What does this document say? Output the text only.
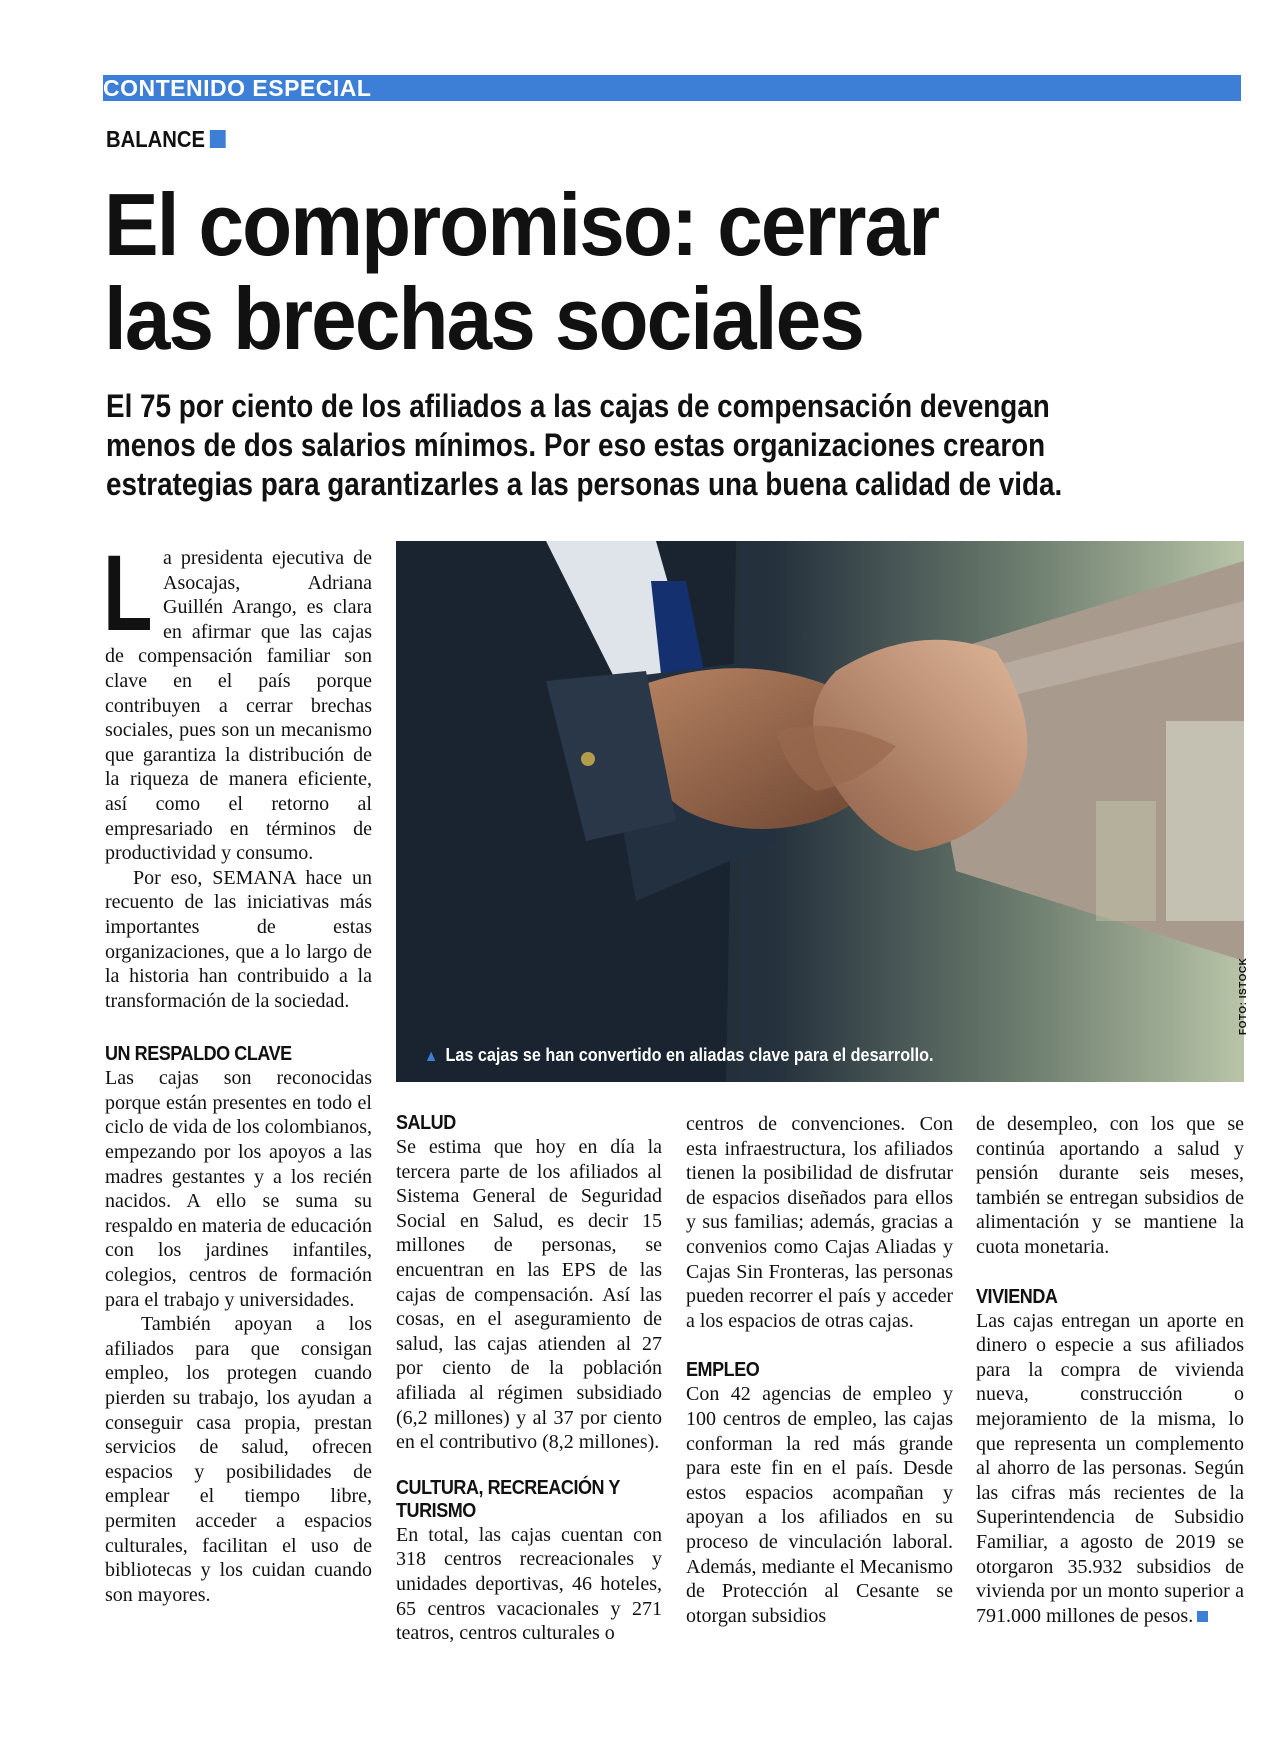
CONTENIDO ESPECIAL
BALANCE
El compromiso: cerrar
las brechas sociales
El 75 por ciento de los afiliados a las cajas de compensación devengan
menos de dos salarios mínimos. Por eso estas organizaciones crearon
estrategias para garantizarles a las personas una buena calidad de vida.

La presidenta ejecutiva de Asocajas, Adriana Guillén Arango, es clara en afirmar que las cajas de compensación familiar son clave en el país porque contribuyen a cerrar brechas sociales, pues son un mecanismo que garantiza la distribución de la riqueza de manera eficiente, así como el retorno al empresariado en términos de productividad y consumo.

Por eso, SEMANA hace un recuento de las iniciativas más importantes de estas organizaciones, que a lo largo de la historia han contribuido a la transformación de la sociedad.

UN RESPALDO CLAVE

Las cajas son reconocidas porque están presentes en todo el ciclo de vida de los colombianos, empezando por los apoyos a las madres gestantes y a los recién nacidos. A ello se suma su respaldo en materia de educación con los jardines infantiles, colegios, centros de formación para el trabajo y universidades.

También apoyan a los afiliados para que consigan empleo, los protegen cuando pierden su trabajo, los ayudan a conseguir casa propia, prestan servicios de salud, ofrecen espacios y posibilidades de emplear el tiempo libre, permiten acceder a espacios culturales, facilitan el uso de bibliotecas y los cuidan cuando son mayores.

▲ Las cajas se han convertido en aliadas clave para el desarrollo.
FOTO: ISTOCK
SALUD

Se estima que hoy en día la tercera parte de los afiliados al Sistema General de Seguridad Social en Salud, es decir 15 millones de personas, se encuentran en las EPS de las cajas de compensación. Así las cosas, en el aseguramiento de salud, las cajas atienden al 27 por ciento de la población afiliada al régimen subsidiado (6,2 millones) y al 37 por ciento en el contributivo (8,2 millones).

CULTURA, RECREACIÓN Y TURISMO

En total, las cajas cuentan con 318 centros recreacionales y unidades deportivas, 46 hoteles, 65 centros vacacionales y 271 teatros, centros culturales o

centros de convenciones. Con esta infraestructura, los afiliados tienen la posibilidad de disfrutar de espacios diseñados para ellos y sus familias; además, gracias a convenios como Cajas Aliadas y Cajas Sin Fronteras, las personas pueden recorrer el país y acceder a los espacios de otras cajas.

EMPLEO

Con 42 agencias de empleo y 100 centros de empleo, las cajas conforman la red más grande para este fin en el país. Desde estos espacios acompañan y apoyan a los afiliados en su proceso de vinculación laboral. Además, mediante el Mecanismo de Protección al Cesante se otorgan subsidios

de desempleo, con los que se continúa aportando a salud y pensión durante seis meses, también se entregan subsidios de alimentación y se mantiene la cuota monetaria.

VIVIENDA

Las cajas entregan un aporte en dinero o especie a sus afiliados para la compra de vivienda nueva, construcción o mejoramiento de la misma, lo que representa un complemento al ahorro de las personas. Según las cifras más recientes de la Superintendencia de Subsidio Familiar, a agosto de 2019 se otorgaron 35.932 subsidios de vivienda por un monto superior a 791.000 millones de pesos.
